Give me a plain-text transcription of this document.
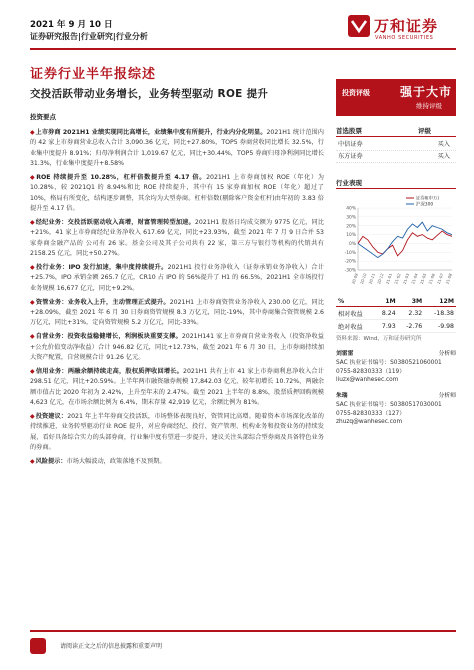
2021 年 9 月 10 日
证券研究报告|行业研究|行业分析
万和证券
VANHO SECURITIES
证券行业半年报综述
交投活跃带动业务增长，业务转型驱动 ROE 提升
投资要点
◆上市券商 2021H1 业绩实现同比高增长，业绩集中度有所提升，行业内分化明显。2021H1 统计范围内的 42 家上市券商营业总收入合计 3,090.36 亿元，同比+27.80%，TOP5 券商营收同比增长 32.5%，行业集中度提升 8.91%；归母净利润合计 1,019.67 亿元，同比+30.44%，TOP5 券商归母净利润同比增长 31.3%，行业集中度提升+8.58%
◆ROE 持续提升至 10.28%，杠杆倍数提升至 4.17 倍。2021H1 上市券商加权 ROE（年化）为 10.28%，较 2021Q1 的 8.94%和比 ROE 持续提升，其中有 15 家券商加权 ROE（年化）超过了 10%，格局有所变化，结构逐步调整，其余均为大型券商。杠杆倍数(剔除客户资金杠杆)由年初的 3.83 倍提升至 4.17 倍。
◆经纪业务：交投活跃驱动收入高增，财富管理转型加速。2021H1 股基日均成交额为 9775 亿元，同比+21%，41 家上市券商经纪业务净收入 617.69 亿元，同比+23.93%，截至 2021 年 7 月 9 日合并 53 家券商金融产品的 公司有 26 家。基金公司及其子公司共有 22 家，第三方与银行等机构的代销共有 2158.25 亿元，同比+50.27%。
◆投行业务：IPO 发行加速，集中度持续提升。2021H1 投行业务净收入（证券承销业务净收入）合计+25.7%，IPO 承销金额 265.7 亿元，CR10 占 IPO 的 56%提升了 H1 的 66.5%，2021H1 全市场投行业务规模 16,677 亿元，同比+9.2%。
◆资管业务：业务收入上升，主动管理正式提升。2021H1 上市券商资管业务净收入 230.00 亿元，同比+28.09%，截至 2021 年 6 月 30 日券商资管规模 8.3 万亿元，同比-19%，其中券商集合资管规模 2.6 万亿元，同比+31%，定向资管规模 5.2 万亿元，同比-33%。
◆自营业务：投资收益稳健增长，利润板块重要支撑。2021H141 家上市券商自营业务收入（投资净收益+公允价值变动净收益）合计 946.82 亿元，同比+12.73%，截至 2021 年 6 月 30 日，上市券商持续加大资产配置，自营规模合计 91.26 亿元。
◆信用业务：两融余额持续走高，股权质押收回增长。2021H1 共有上市 41 家上市券商利息净收入合计 298.51 亿元，同比+20.59%。上半年两市融资融券规模 17,842.03 亿元，较年初增长 10.72%，两融余额市值占比 2020 年初为 2.42%，上升至年末的 2.47%。截至 2021 上半年的 8.8%，股票质押回购规模 4,623 亿元，在市场余额比例为 6.4%，期末存量 42,919 亿元，余额比例为 81%。
◆投资建议：2021 年上半年券商交投活跃，市场整体表现良好，资管同比高增。随着资本市场深化改革的持续推进，业务转型驱动行业 ROE 提升，对应券商经纪、投行、资产管理、机构业务和投资业务的持续发展，看好具备综合实力的头部券商，行业集中度有望进一步提升，建议关注头部综合型券商及具备特色业务的券商。
◆风险提示：市场大幅波动，政策落地不及预期。
投资评级	强于大市
维持评级
首选股票	评级
中信证券	买入
东方证券	买入
行业表现
40%
30%
20%
10%
0%
-10%
-20%
-30%
20-09 20-10 20-11 20-12 21-01 21-02 21-03 21-04 21-05 21-06 21-07 21-08
证券Ⅱ(申万)
沪深300
%	1M	3M	12M
相对收益	8.24	2.32	-18.38
绝对收益	7.93	-2.76	-9.98
资料来源：Wind，万和证券研究所
刘雷雷	分析师
SAC 执业证书编号：S0380521060001
0755-82830333（119）
liuzx@wanhesec.com
朱瑞	分析师
SAC 执业证书编号：S0380517030001
0755-82830333（127）
zhuzq@wanhesec.com
请阅读正文之后的信息披露和重要声明
